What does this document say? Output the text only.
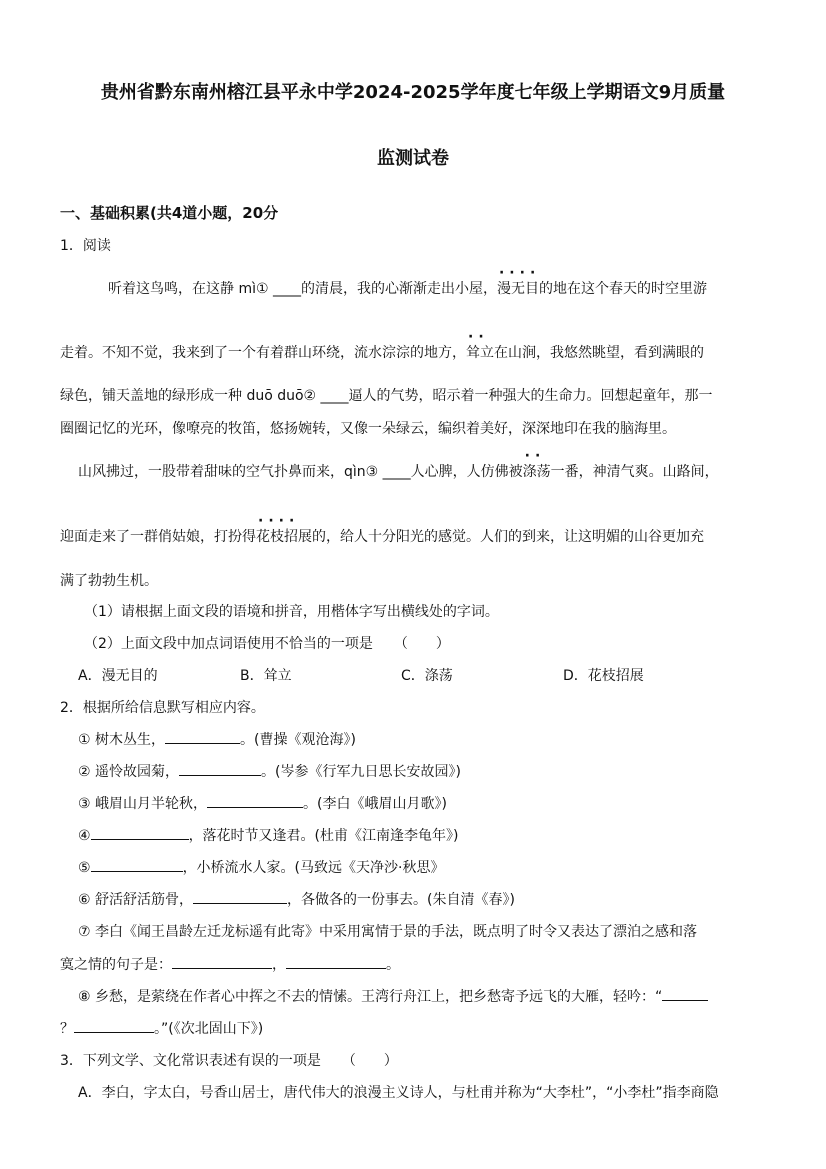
贵州省黔东南州榕江县平永中学2024-2025学年度七年级上学期语文9月质量
监测试卷
一、基础积累(共4道小题，20分
1．阅读
听着这鸟鸣，在这静 mì① ____的清晨，我的心渐渐走出小屋，
····
漫无目的地在这个春天的时空里游
走着。不知不觉，我来到了一个有着群山环绕，流水淙淙的地方，
··
耸立在山涧，我悠然眺望，看到满眼的
绿色，铺天盖地的绿形成一种 duō duō② ____逼人的气势，昭示着一种强大的生命力。回想起童年，那一
圈圈记忆的光环，像嘹亮的牧笛，悠扬婉转，又像一朵绿云，编织着美好，深深地印在我的脑海里。
山风拂过，一股带着甜味的空气扑鼻而来，qìn③ ____人心脾，人仿佛被
··
涤荡一番，神清气爽。山路间，
迎面走来了一群俏姑娘，打扮得
····
花枝招展的，给人十分阳光的感觉。人们的到来，让这明媚的山谷更加充
满了勃勃生机。
（1）请根据上面文段的语境和拼音，用楷体字写出横线处的字词。
（2）上面文段中加点词语使用不恰当的一项是　　（　　）
A．漫无目的	B．耸立	C．涤荡	D．花枝招展
2．根据所给信息默写相应内容。
① 树木丛生，	。(曹操《观沧海》)
② 遥怜故园菊，	。(岑参《行军九日思长安故园》)
③ 峨眉山月半轮秋，	。(李白《峨眉山月歌》)
④	，落花时节又逢君。(杜甫《江南逢李龟年》)
⑤	，小桥流水人家。(马致远《天净沙·秋思》
⑥ 舒活舒活筋骨，	，各做各的一份事去。(朱自清《春》)
⑦ 李白《闻王昌龄左迁龙标遥有此寄》中采用寓情于景的手法，既点明了时令又表达了漂泊之感和落
寞之情的句子是：	，	。
⑧ 乡愁，是萦绕在作者心中挥之不去的情愫。王湾行舟江上，把乡愁寄予远飞的大雁，轻吟：“
？	。”(《次北固山下》)
3．下列文学、文化常识表述有误的一项是　　（　　）
A．李白，字太白，号香山居士，唐代伟大的浪漫主义诗人，与杜甫并称为“大李杜”，“小李杜”指李商隐
